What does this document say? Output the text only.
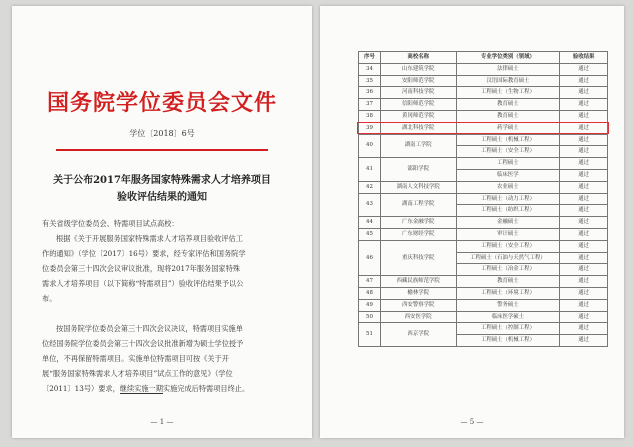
国务院学位委员会文件
学位〔2018〕6号
关于公布2017年服务国家特殊需求人才培养项目
验收评估结果的通知
有关省级学位委员会、特需项目试点高校：
根据《关于开展服务国家特殊需求人才培养项目验收评估工
作的通知》（学位〔2017〕16号）要求，经专家评估和国务院学
位委员会第三十四次会议审议批准，现将2017年服务国家特殊
需求人才培养项目（以下简称“特需项目”）验收评估结果予以公
布。
按国务院学位委员会第三十四次会议决议，特需项目实施单
位经国务院学位委员会第三十四次会议批准新增为硕士学位授予
单位，不再保留特需项目。实施单位特需项目可按《关于开
展“服务国家特殊需求人才培养项目”试点工作的意见》（学位
〔2011〕13号）要求，继续实施一期实施完成后特需项目终止。
— 1 —
序号	高校名称	专业学位类别（领域）	验收结果
34	山东建筑学院	法律硕士	通过
35	安阳师范学院	汉语国际教育硕士	通过
36	河南科技学院	工程硕士（生物工程）	通过
37	信阳师范学院	教育硕士	通过
38	黄冈师范学院	教育硕士	通过
39	湖北科技学院	药学硕士	通过
40	湖南工学院	工程硕士（机械工程）	通过
		工程硕士（安全工程）	通过
41	邵阳学院	工程硕士	通过
		临床医学	通过
42	湖南人文科技学院	农业硕士	通过
43	湖南工程学院	工程硕士（动力工程）	通过
		工程硕士（纺织工程）	通过
44	广东金融学院	金融硕士	通过
45	广东财经学院	审计硕士	通过
46	重庆科技学院	工程硕士（安全工程）	通过
		工程硕士（石油与天然气工程）	通过
		工程硕士（冶金工程）	通过
47	西藏民族师范学院	教育硕士	通过
48	榆林学院	工程硕士（环境工程）	通过
49	西安警察学院	警务硕士	通过
50	西安医学院	临床医学硕士	通过
51	西京学院	工程硕士（控制工程）	通过
		工程硕士（机械工程）	通过
— 5 —
